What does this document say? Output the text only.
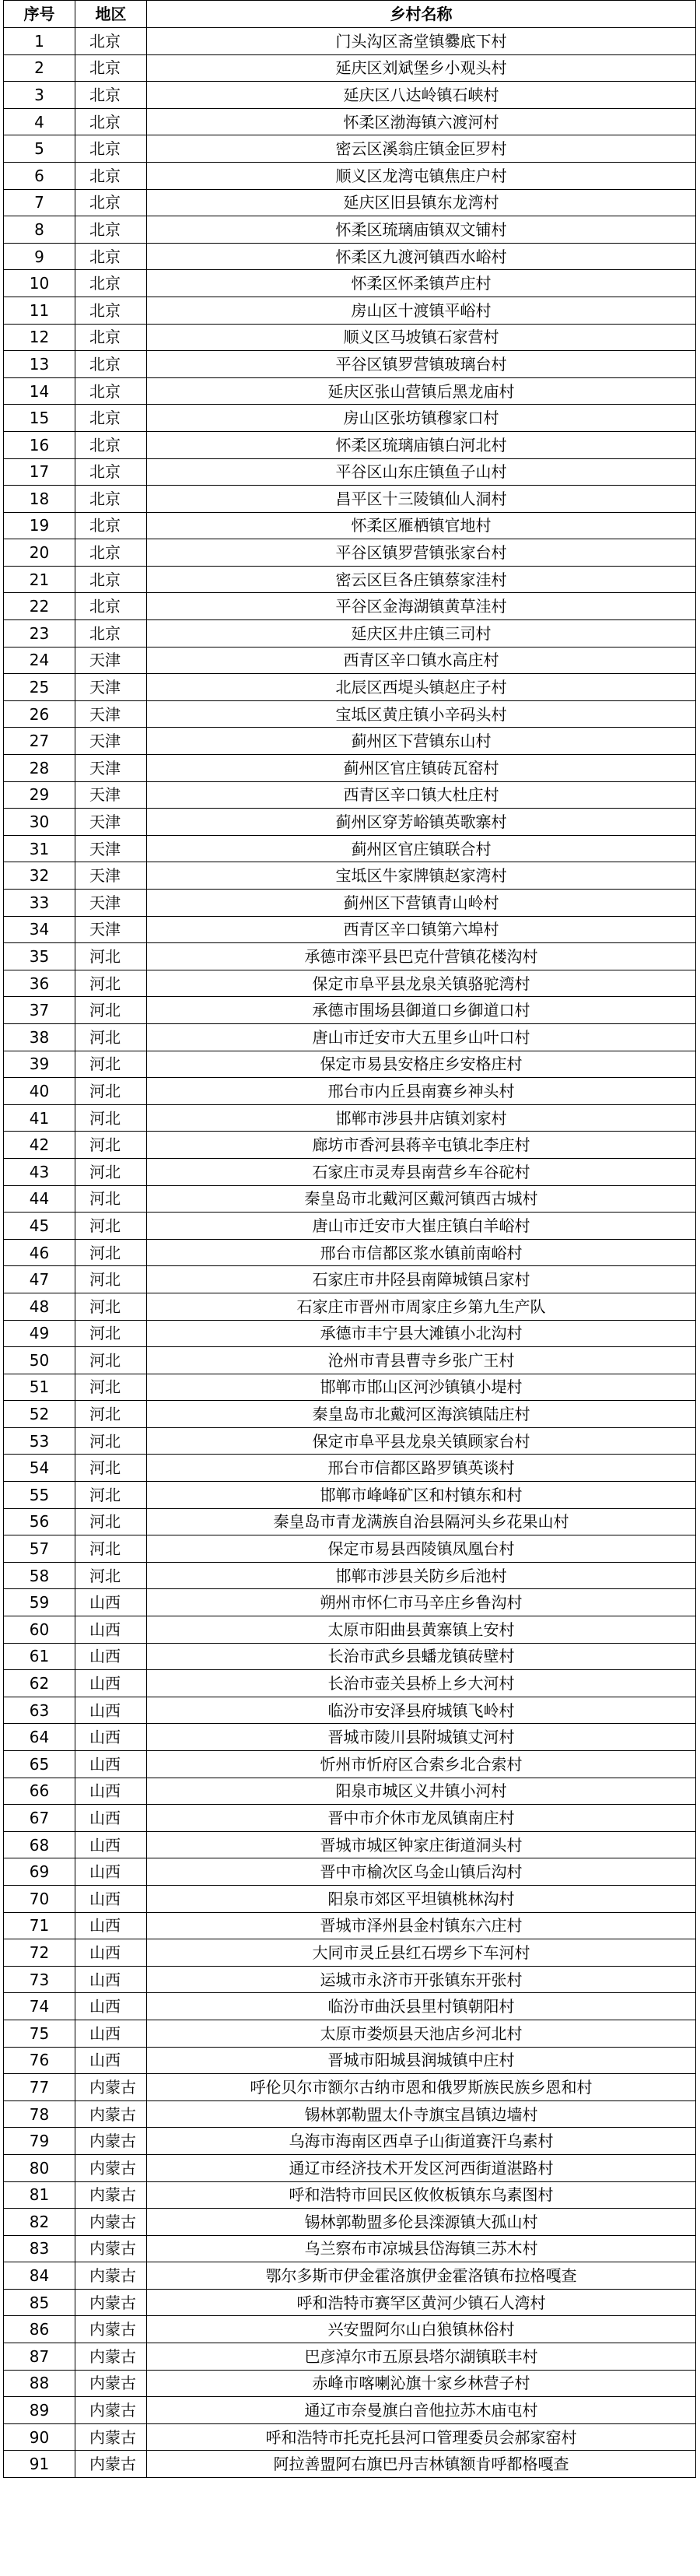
序号	地区	乡村名称
1	北京	门头沟区斋堂镇爨底下村
2	北京	延庆区刘斌堡乡小观头村
3	北京	延庆区八达岭镇石峡村
4	北京	怀柔区渤海镇六渡河村
5	北京	密云区溪翁庄镇金叵罗村
6	北京	顺义区龙湾屯镇焦庄户村
7	北京	延庆区旧县镇东龙湾村
8	北京	怀柔区琉璃庙镇双文铺村
9	北京	怀柔区九渡河镇西水峪村
10	北京	怀柔区怀柔镇芦庄村
11	北京	房山区十渡镇平峪村
12	北京	顺义区马坡镇石家营村
13	北京	平谷区镇罗营镇玻璃台村
14	北京	延庆区张山营镇后黑龙庙村
15	北京	房山区张坊镇穆家口村
16	北京	怀柔区琉璃庙镇白河北村
17	北京	平谷区山东庄镇鱼子山村
18	北京	昌平区十三陵镇仙人洞村
19	北京	怀柔区雁栖镇官地村
20	北京	平谷区镇罗营镇张家台村
21	北京	密云区巨各庄镇蔡家洼村
22	北京	平谷区金海湖镇黄草洼村
23	北京	延庆区井庄镇三司村
24	天津	西青区辛口镇水高庄村
25	天津	北辰区西堤头镇赵庄子村
26	天津	宝坻区黄庄镇小辛码头村
27	天津	蓟州区下营镇东山村
28	天津	蓟州区官庄镇砖瓦窑村
29	天津	西青区辛口镇大杜庄村
30	天津	蓟州区穿芳峪镇英歌寨村
31	天津	蓟州区官庄镇联合村
32	天津	宝坻区牛家牌镇赵家湾村
33	天津	蓟州区下营镇青山岭村
34	天津	西青区辛口镇第六埠村
35	河北	承德市滦平县巴克什营镇花楼沟村
36	河北	保定市阜平县龙泉关镇骆驼湾村
37	河北	承德市围场县御道口乡御道口村
38	河北	唐山市迁安市大五里乡山叶口村
39	河北	保定市易县安格庄乡安格庄村
40	河北	邢台市内丘县南赛乡神头村
41	河北	邯郸市涉县井店镇刘家村
42	河北	廊坊市香河县蒋辛屯镇北李庄村
43	河北	石家庄市灵寿县南营乡车谷砣村
44	河北	秦皇岛市北戴河区戴河镇西古城村
45	河北	唐山市迁安市大崔庄镇白羊峪村
46	河北	邢台市信都区浆水镇前南峪村
47	河北	石家庄市井陉县南障城镇吕家村
48	河北	石家庄市晋州市周家庄乡第九生产队
49	河北	承德市丰宁县大滩镇小北沟村
50	河北	沧州市青县曹寺乡张广王村
51	河北	邯郸市邯山区河沙镇镇小堤村
52	河北	秦皇岛市北戴河区海滨镇陆庄村
53	河北	保定市阜平县龙泉关镇顾家台村
54	河北	邢台市信都区路罗镇英谈村
55	河北	邯郸市峰峰矿区和村镇东和村
56	河北	秦皇岛市青龙满族自治县隔河头乡花果山村
57	河北	保定市易县西陵镇凤凰台村
58	河北	邯郸市涉县关防乡后池村
59	山西	朔州市怀仁市马辛庄乡鲁沟村
60	山西	太原市阳曲县黄寨镇上安村
61	山西	长治市武乡县蟠龙镇砖壁村
62	山西	长治市壶关县桥上乡大河村
63	山西	临汾市安泽县府城镇飞岭村
64	山西	晋城市陵川县附城镇丈河村
65	山西	忻州市忻府区合索乡北合索村
66	山西	阳泉市城区义井镇小河村
67	山西	晋中市介休市龙凤镇南庄村
68	山西	晋城市城区钟家庄街道洞头村
69	山西	晋中市榆次区乌金山镇后沟村
70	山西	阳泉市郊区平坦镇桃林沟村
71	山西	晋城市泽州县金村镇东六庄村
72	山西	大同市灵丘县红石塄乡下车河村
73	山西	运城市永济市开张镇东开张村
74	山西	临汾市曲沃县里村镇朝阳村
75	山西	太原市娄烦县天池店乡河北村
76	山西	晋城市阳城县润城镇中庄村
77	内蒙古	呼伦贝尔市额尔古纳市恩和俄罗斯族民族乡恩和村
78	内蒙古	锡林郭勒盟太仆寺旗宝昌镇边墙村
79	内蒙古	乌海市海南区西卓子山街道赛汗乌素村
80	内蒙古	通辽市经济技术开发区河西街道湛路村
81	内蒙古	呼和浩特市回民区攸攸板镇东乌素图村
82	内蒙古	锡林郭勒盟多伦县滦源镇大孤山村
83	内蒙古	乌兰察布市凉城县岱海镇三苏木村
84	内蒙古	鄂尔多斯市伊金霍洛旗伊金霍洛镇布拉格嘎查
85	内蒙古	呼和浩特市赛罕区黄河少镇石人湾村
86	内蒙古	兴安盟阿尔山白狼镇林俗村
87	内蒙古	巴彦淖尔市五原县塔尔湖镇联丰村
88	内蒙古	赤峰市喀喇沁旗十家乡林营子村
89	内蒙古	通辽市奈曼旗白音他拉苏木庙屯村
90	内蒙古	呼和浩特市托克托县河口管理委员会郝家窑村
91	内蒙古	阿拉善盟阿右旗巴丹吉林镇额肯呼都格嘎查
